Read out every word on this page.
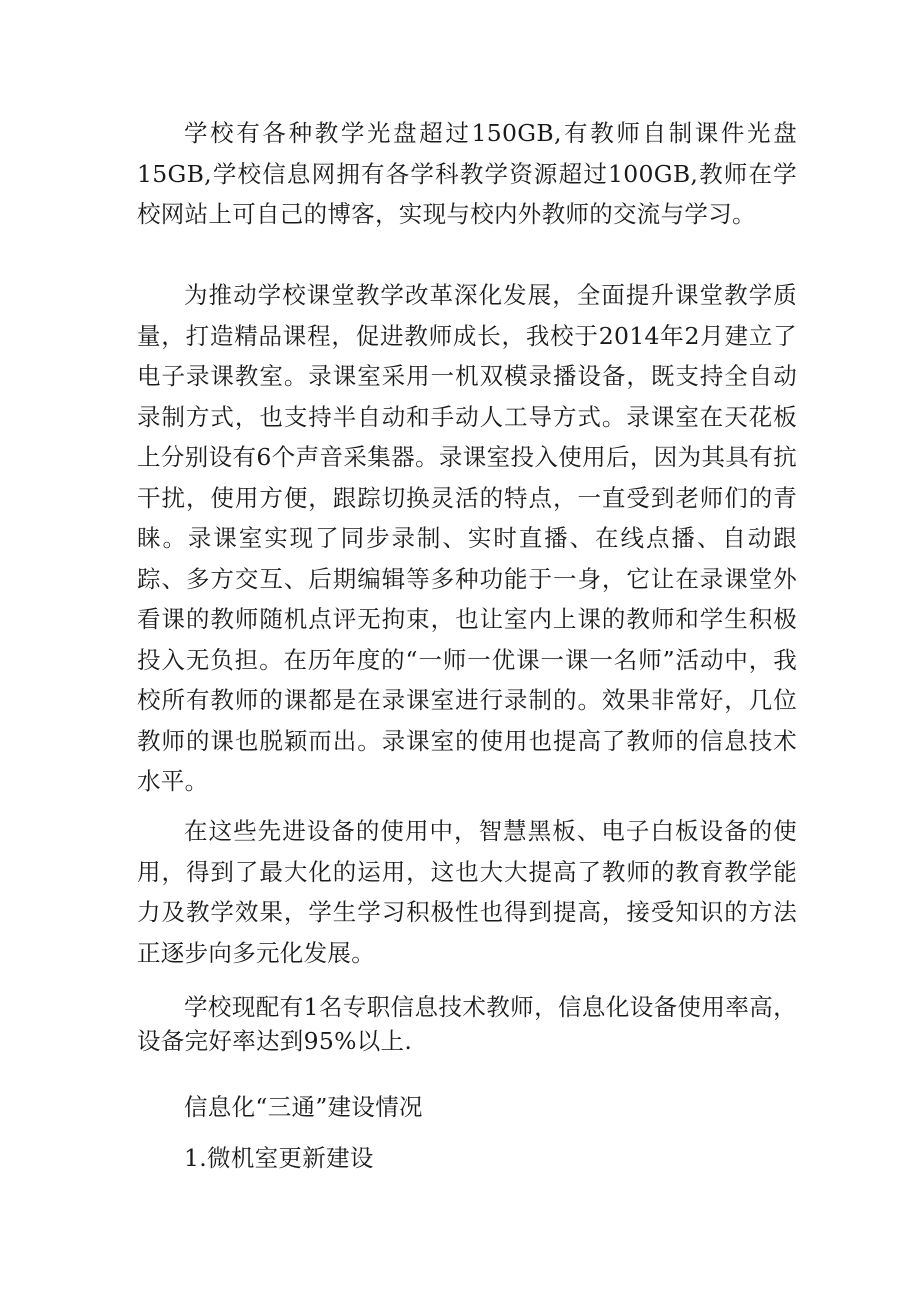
学校有各种教学光盘超过150GB,有教师自制课件光盘15GB,学校信息网拥有各学科教学资源超过100GB,教师在学校网站上可自己的博客，实现与校内外教师的交流与学习。

为推动学校课堂教学改革深化发展，全面提升课堂教学质量，打造精品课程，促进教师成长，我校于2014年2月建立了电子录课教室。录课室采用一机双模录播设备，既支持全自动录制方式，也支持半自动和手动人工导方式。录课室在天花板上分别设有6个声音采集器。录课室投入使用后，因为其具有抗干扰，使用方便，跟踪切换灵活的特点，一直受到老师们的青睐。录课室实现了同步录制、实时直播、在线点播、自动跟踪、多方交互、后期编辑等多种功能于一身，它让在录课堂外看课的教师随机点评无拘束，也让室内上课的教师和学生积极投入无负担。在历年度的“一师一优课一课一名师”活动中，我校所有教师的课都是在录课室进行录制的。效果非常好，几位教师的课也脱颖而出。录课室的使用也提高了教师的信息技术水平。

在这些先进设备的使用中，智慧黑板、电子白板设备的使用，得到了最大化的运用，这也大大提高了教师的教育教学能力及教学效果，学生学习积极性也得到提高，接受知识的方法正逐步向多元化发展。

学校现配有1名专职信息技术教师，信息化设备使用率高，设备完好率达到95%以上.

信息化“三通”建设情况

1.微机室更新建设
